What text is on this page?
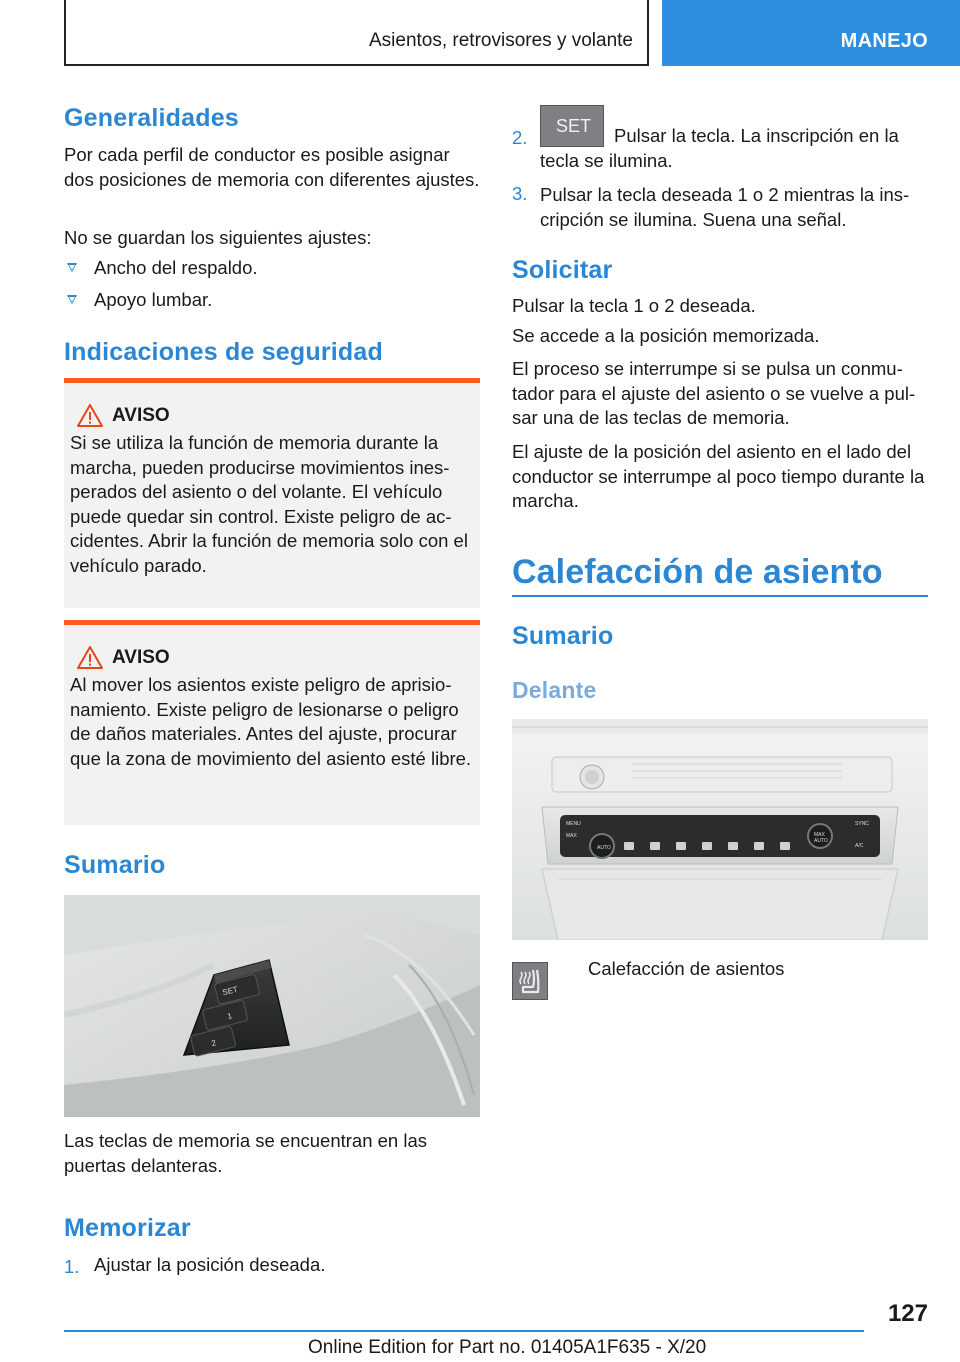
Asientos, retrovisores y volante	MANEJO
Generalidades
Por cada perfil de conductor es posible asignar dos posiciones de memoria con diferentes ajustes.
No se guardan los siguientes ajustes:
Ancho del respaldo.
Apoyo lumbar.
Indicaciones de seguridad
AVISO
Si se utiliza la función de memoria durante la marcha, pueden producirse movimientos inesperados del asiento o del volante. El vehículo puede quedar sin control. Existe peligro de accidentes. Abrir la función de memoria solo con el vehículo parado.
AVISO
Al mover los asientos existe peligro de aprisionamiento. Existe peligro de lesionarse o peligro de daños materiales. Antes del ajuste, procurar que la zona de movimiento del asiento esté libre.
Sumario
SET
1
2
Las teclas de memoria se encuentran en las puertas delanteras.
Memorizar
1. Ajustar la posición deseada.
2.
SET	Pulsar la tecla. La inscripción en la tecla se ilumina.
3. Pulsar la tecla deseada 1 o 2 mientras la inscripción se ilumina. Suena una señal.
Solicitar
Pulsar la tecla 1 o 2 deseada.
Se accede a la posición memorizada.
El proceso se interrumpe si se pulsa un conmutador para el ajuste del asiento o se vuelve a pulsar una de las teclas de memoria.
El ajuste de la posición del asiento en el lado del conductor se interrumpe al poco tiempo durante la marcha.
Calefacción de asiento
Sumario
Delante
MENU
MAX
AUTO
MAX
AUTO
A/C
SYNC
Calefacción de asientos
127
Online Edition for Part no. 01405A1F635 - X/20
